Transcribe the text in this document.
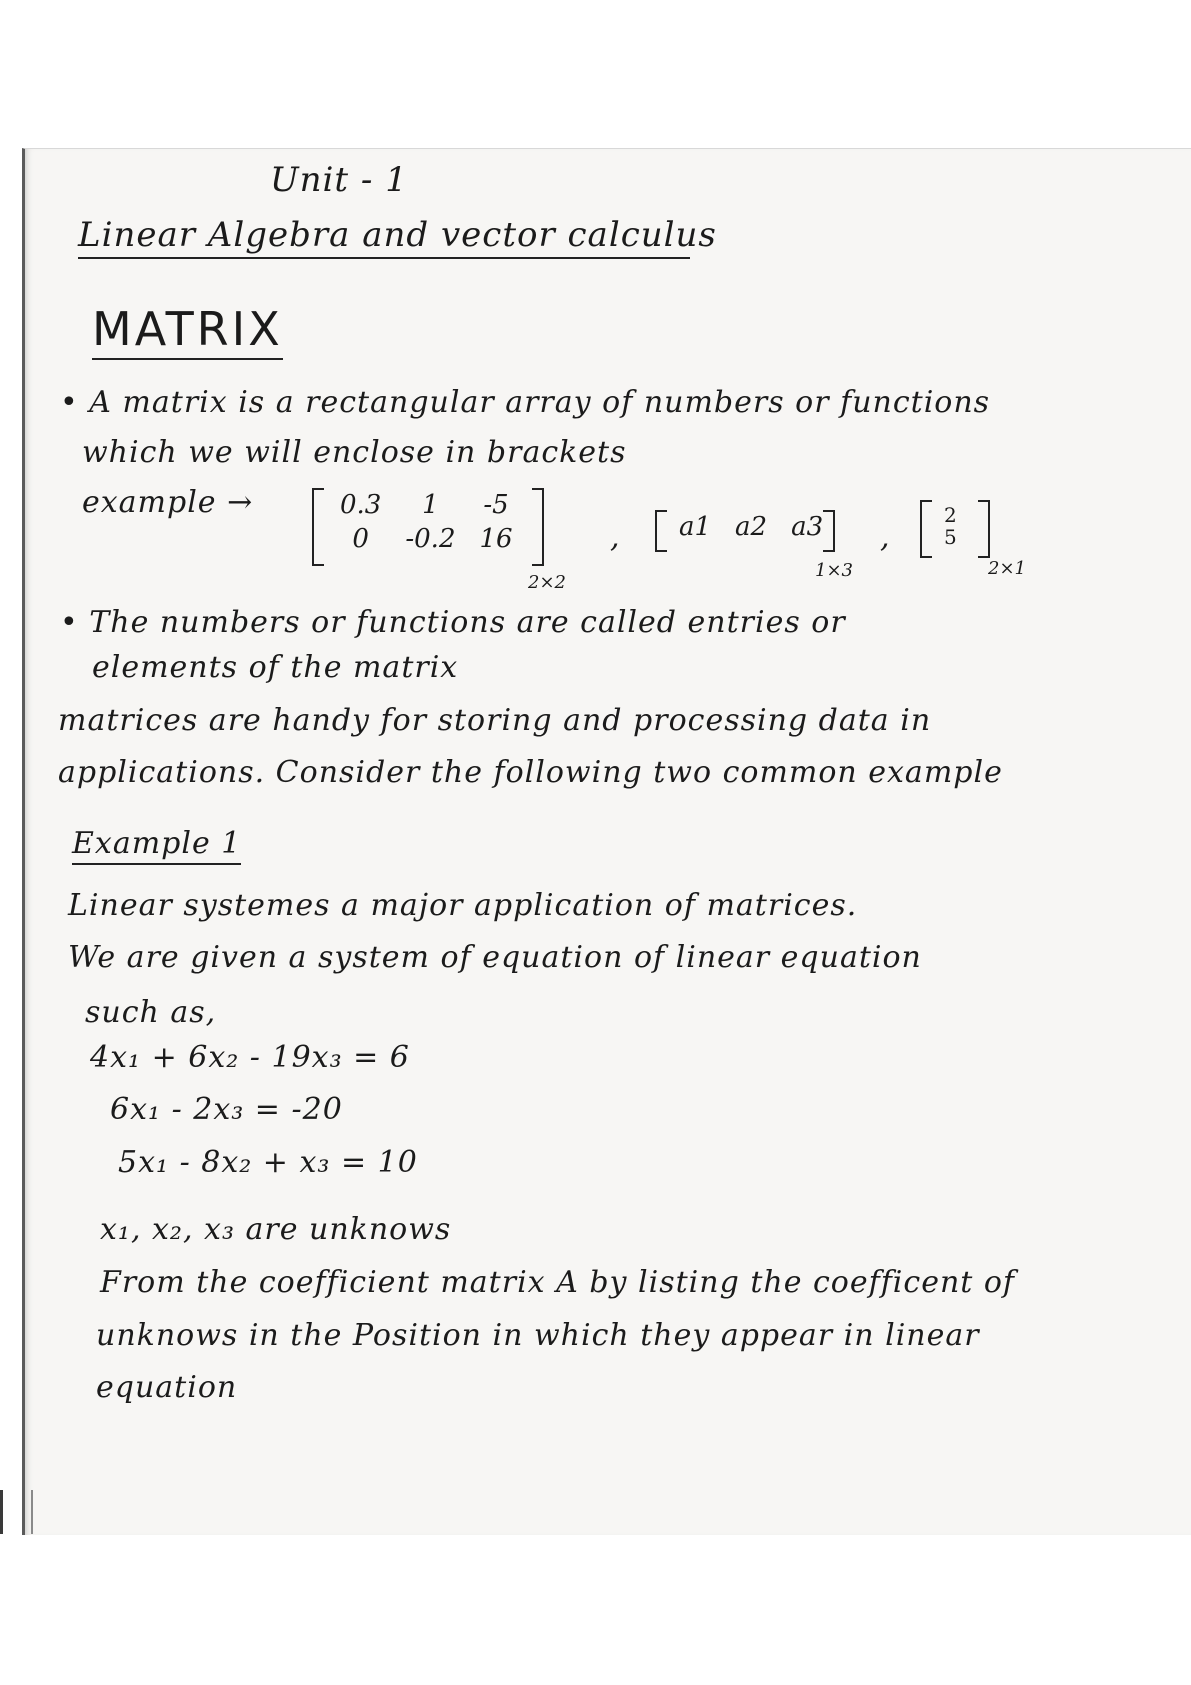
Unit - 1
Linear Algebra and vector calculus
MATRIX
• A matrix is a rectangular array of numbers or functions
which we will enclose in brackets
example →	0.3	1	-5
0	-0.2	16
2×2
, a1	a2	a3
1×3
,
2
5
2×1
• The numbers or functions are called entries or
elements of the matrix
matrices are handy for storing and processing data in
applications. Consider the following two common example
Example 1
Linear systemes a major application of matrices.
We are given a system of equation of linear equation
such as,
4x₁ + 6x₂ - 19x₃ = 6
6x₁ - 2x₃ = -20
5x₁ - 8x₂ + x₃ = 10
x₁, x₂, x₃ are unknows
From the coefficient matrix A by listing the coefficent of
unknows in the Position in which they appear in linear
equation
